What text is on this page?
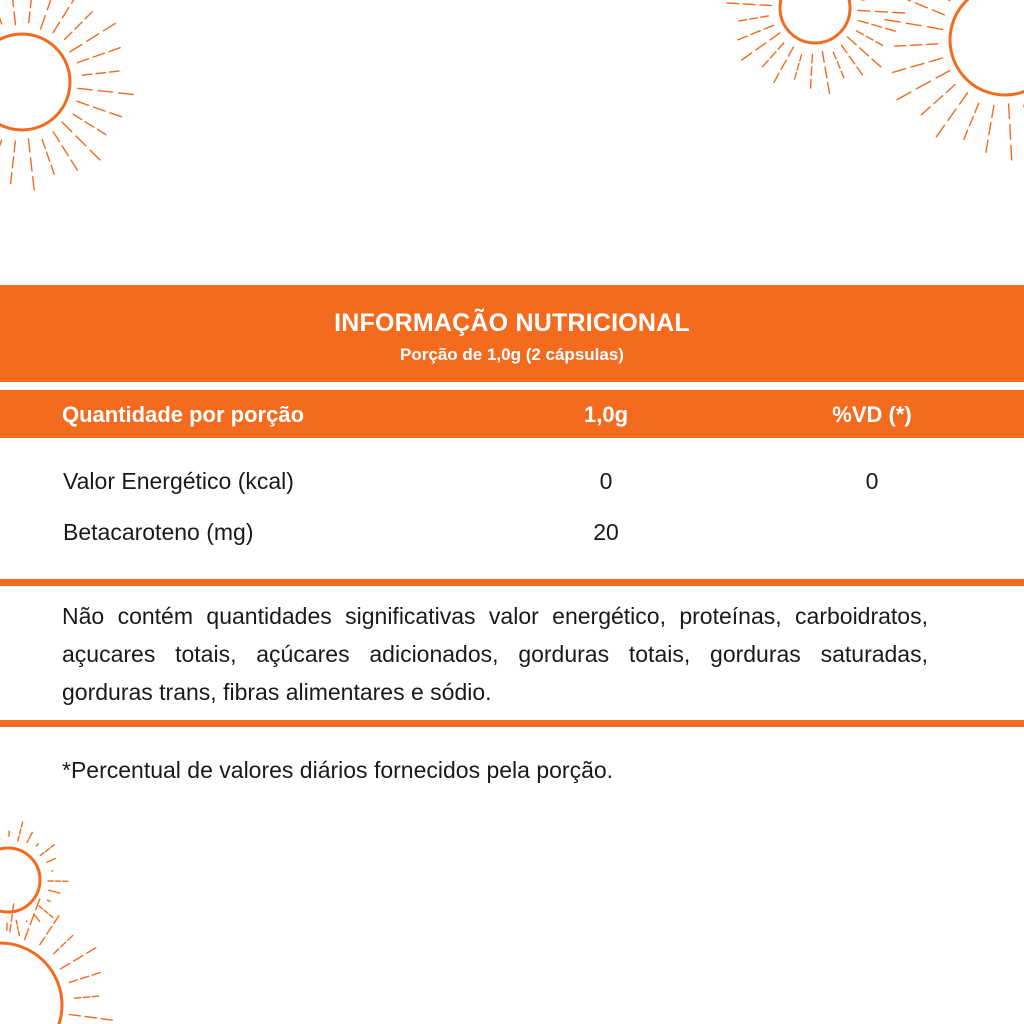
INFORMAÇÃO NUTRICIONAL
Porção de 1,0g (2 cápsulas)
Quantidade por porção	1,0g	%VD (*)
Valor Energético (kcal)	0	0
Betacaroteno (mg)	20
Não contém quantidades significativas valor energético, proteínas, carboidratos, açucares totais, açúcares adicionados, gorduras totais, gorduras saturadas, gorduras trans, fibras alimentares e sódio.
*Percentual de valores diários fornecidos pela porção.
